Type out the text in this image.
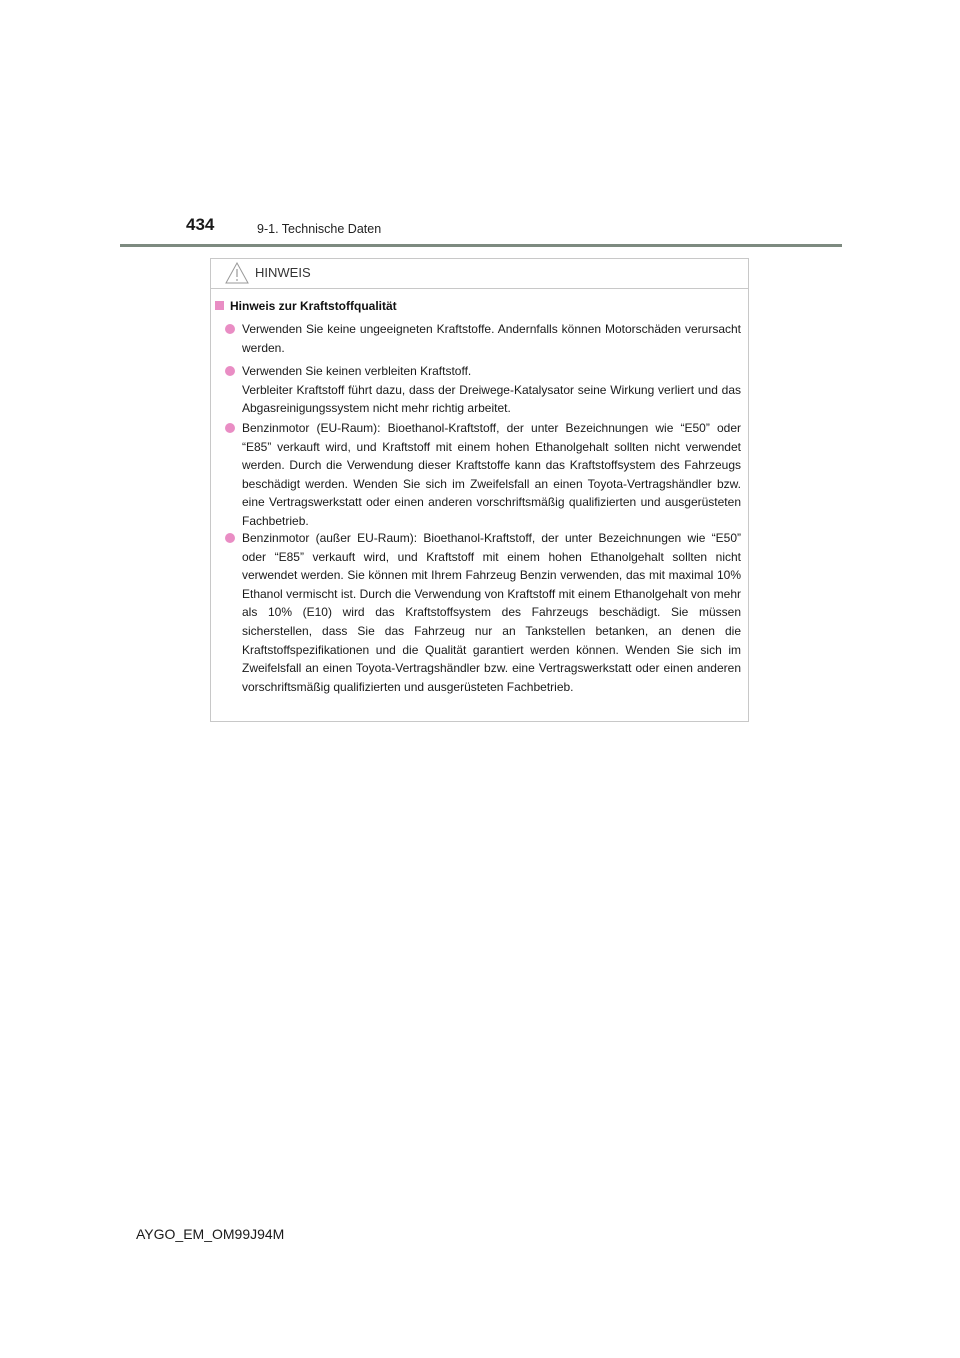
434	9-1. Technische Daten
HINWEIS
Hinweis zur Kraftstoffqualität
Verwenden Sie keine ungeeigneten Kraftstoffe. Andernfalls können Motorschäden verursacht werden.
Verwenden Sie keinen verbleiten Kraftstoff.
Verbleiter Kraftstoff führt dazu, dass der Dreiwege-Katalysator seine Wirkung verliert und das Abgasreinigungssystem nicht mehr richtig arbeitet.
Benzinmotor (EU-Raum): Bioethanol-Kraftstoff, der unter Bezeichnungen wie “E50” oder “E85” verkauft wird, und Kraftstoff mit einem hohen Ethanolgehalt sollten nicht verwendet werden. Durch die Verwendung dieser Kraftstoffe kann das Kraftstoffsystem des Fahrzeugs beschädigt werden. Wenden Sie sich im Zweifelsfall an einen Toyota-Vertragshändler bzw. eine Vertragswerkstatt oder einen anderen vorschriftsmäßig qualifizierten und ausgerüsteten Fachbetrieb.
Benzinmotor (außer EU-Raum): Bioethanol-Kraftstoff, der unter Bezeichnungen wie “E50” oder “E85” verkauft wird, und Kraftstoff mit einem hohen Ethanolgehalt sollten nicht verwendet werden. Sie können mit Ihrem Fahrzeug Benzin verwenden, das mit maximal 10% Ethanol vermischt ist. Durch die Verwendung von Kraftstoff mit einem Ethanolgehalt von mehr als 10% (E10) wird das Kraftstoffsystem des Fahrzeugs beschädigt. Sie müssen sicherstellen, dass Sie das Fahrzeug nur an Tankstellen betanken, an denen die Kraftstoffspezifikationen und die Qualität garantiert werden können. Wenden Sie sich im Zweifelsfall an einen Toyota-Vertragshändler bzw. eine Vertragswerkstatt oder einen anderen vorschriftsmäßig qualifizierten und ausgerüsteten Fachbetrieb.
AYGO_EM_OM99J94M
